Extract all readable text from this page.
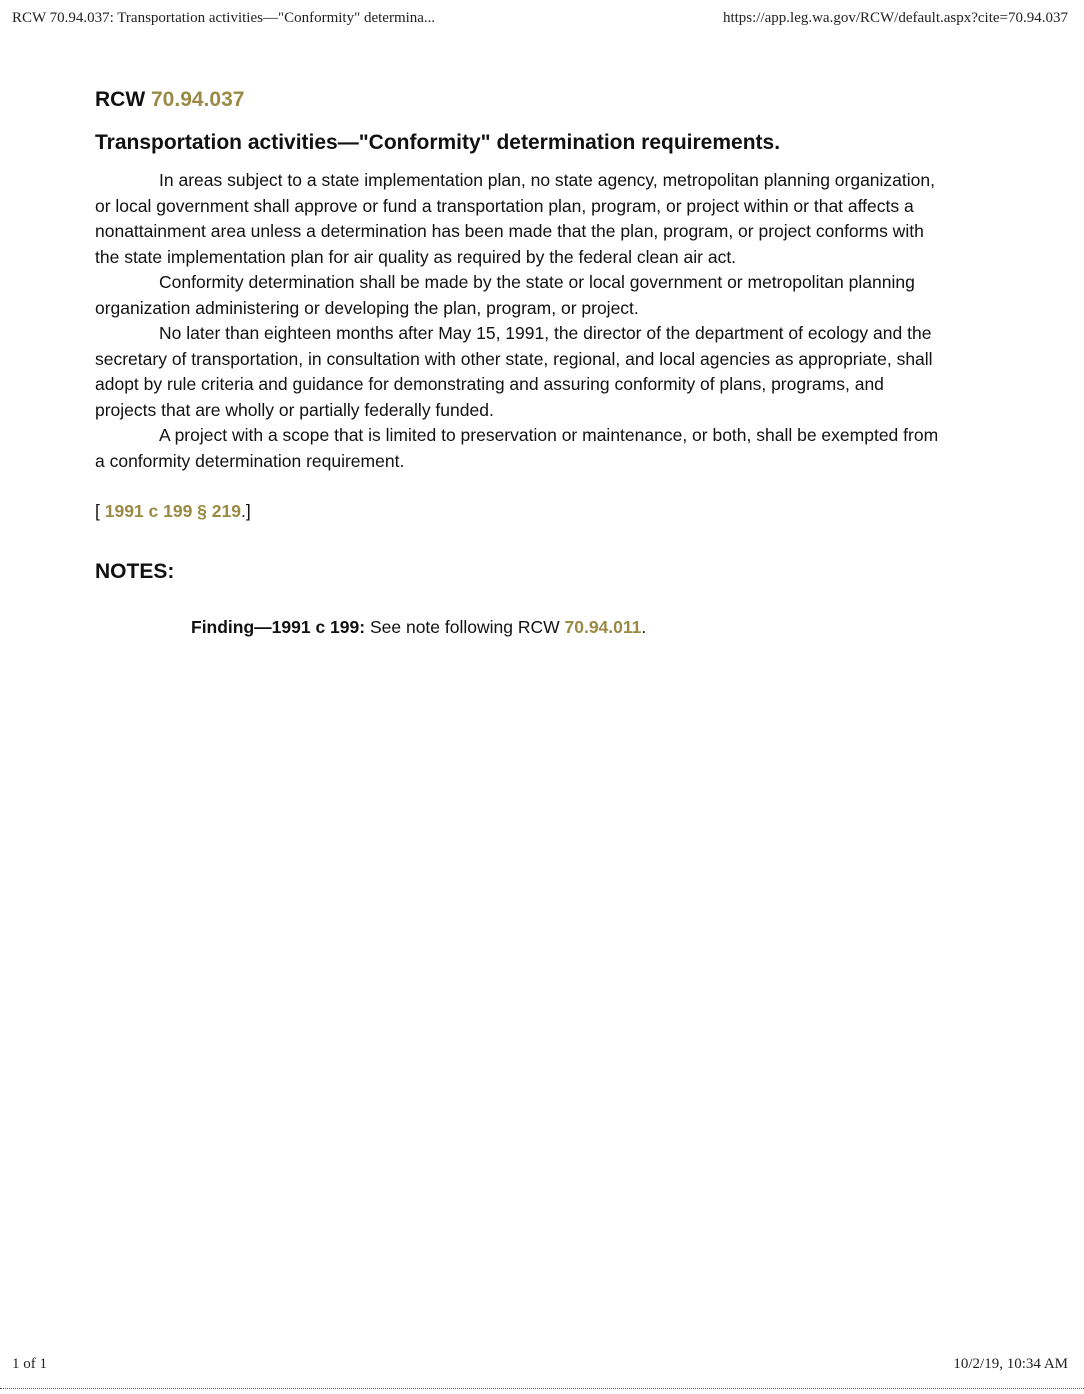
RCW 70.94.037: Transportation activities—"Conformity" determina...	https://app.leg.wa.gov/RCW/default.aspx?cite=70.94.037
RCW 70.94.037
Transportation activities—"Conformity" determination requirements.

In areas subject to a state implementation plan, no state agency, metropolitan planning organization, or local government shall approve or fund a transportation plan, program, or project within or that affects a nonattainment area unless a determination has been made that the plan, program, or project conforms with the state implementation plan for air quality as required by the federal clean air act.

Conformity determination shall be made by the state or local government or metropolitan planning organization administering or developing the plan, program, or project.

No later than eighteen months after May 15, 1991, the director of the department of ecology and the secretary of transportation, in consultation with other state, regional, and local agencies as appropriate, shall adopt by rule criteria and guidance for demonstrating and assuring conformity of plans, programs, and projects that are wholly or partially federally funded.

A project with a scope that is limited to preservation or maintenance, or both, shall be exempted from a conformity determination requirement.

[ 1991 c 199 § 219.]
NOTES:
Finding—1991 c 199: See note following RCW 70.94.011.
1 of 1	10/2/19, 10:34 AM
